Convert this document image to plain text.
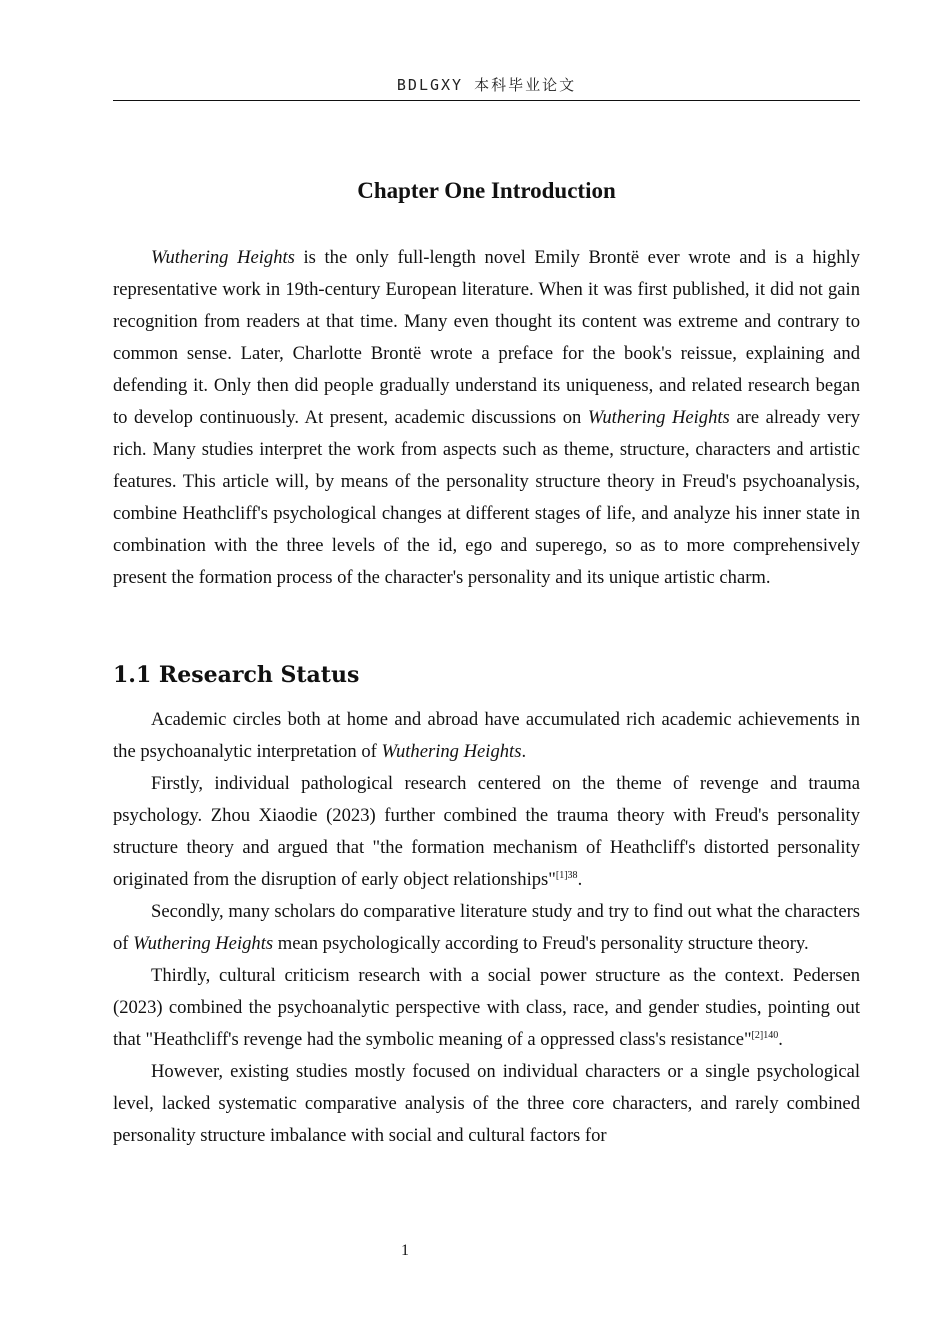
BDLGXY 本科毕业论文
Chapter One Introduction

Wuthering Heights is the only full-length novel Emily Brontë ever wrote and is a highly representative work in 19th-century European literature. When it was first published, it did not gain recognition from readers at that time. Many even thought its content was extreme and contrary to common sense. Later, Charlotte Brontë wrote a preface for the book's reissue, explaining and defending it. Only then did people gradually understand its uniqueness, and related research began to develop continuously. At present, academic discussions on Wuthering Heights are already very rich. Many studies interpret the work from aspects such as theme, structure, characters and artistic features. This article will, by means of the personality structure theory in Freud's psychoanalysis, combine Heathcliff's psychological changes at different stages of life, and analyze his inner state in combination with the three levels of the id, ego and superego, so as to more comprehensively present the formation process of the character's personality and its unique artistic charm.

1.1 Research Status

Academic circles both at home and abroad have accumulated rich academic achievements in the psychoanalytic interpretation of Wuthering Heights.

Firstly, individual pathological research centered on the theme of revenge and trauma psychology. Zhou Xiaodie (2023) further combined the trauma theory with Freud's personality structure theory and argued that "the formation mechanism of Heathcliff's distorted personality originated from the disruption of early object relationships"$^{[1]38}$.

Secondly, many scholars do comparative literature study and try to find out what the characters of Wuthering Heights mean psychologically according to Freud's personality structure theory.

Thirdly, cultural criticism research with a social power structure as the context. Pedersen (2023) combined the psychoanalytic perspective with class, race, and gender studies, pointing out that "Heathcliff's revenge had the symbolic meaning of a oppressed class's resistance"$^{[2]140}$.

However, existing studies mostly focused on individual characters or a single psychological level, lacked systematic comparative analysis of the three core characters, and rarely combined personality structure imbalance with social and cultural factors for

1
